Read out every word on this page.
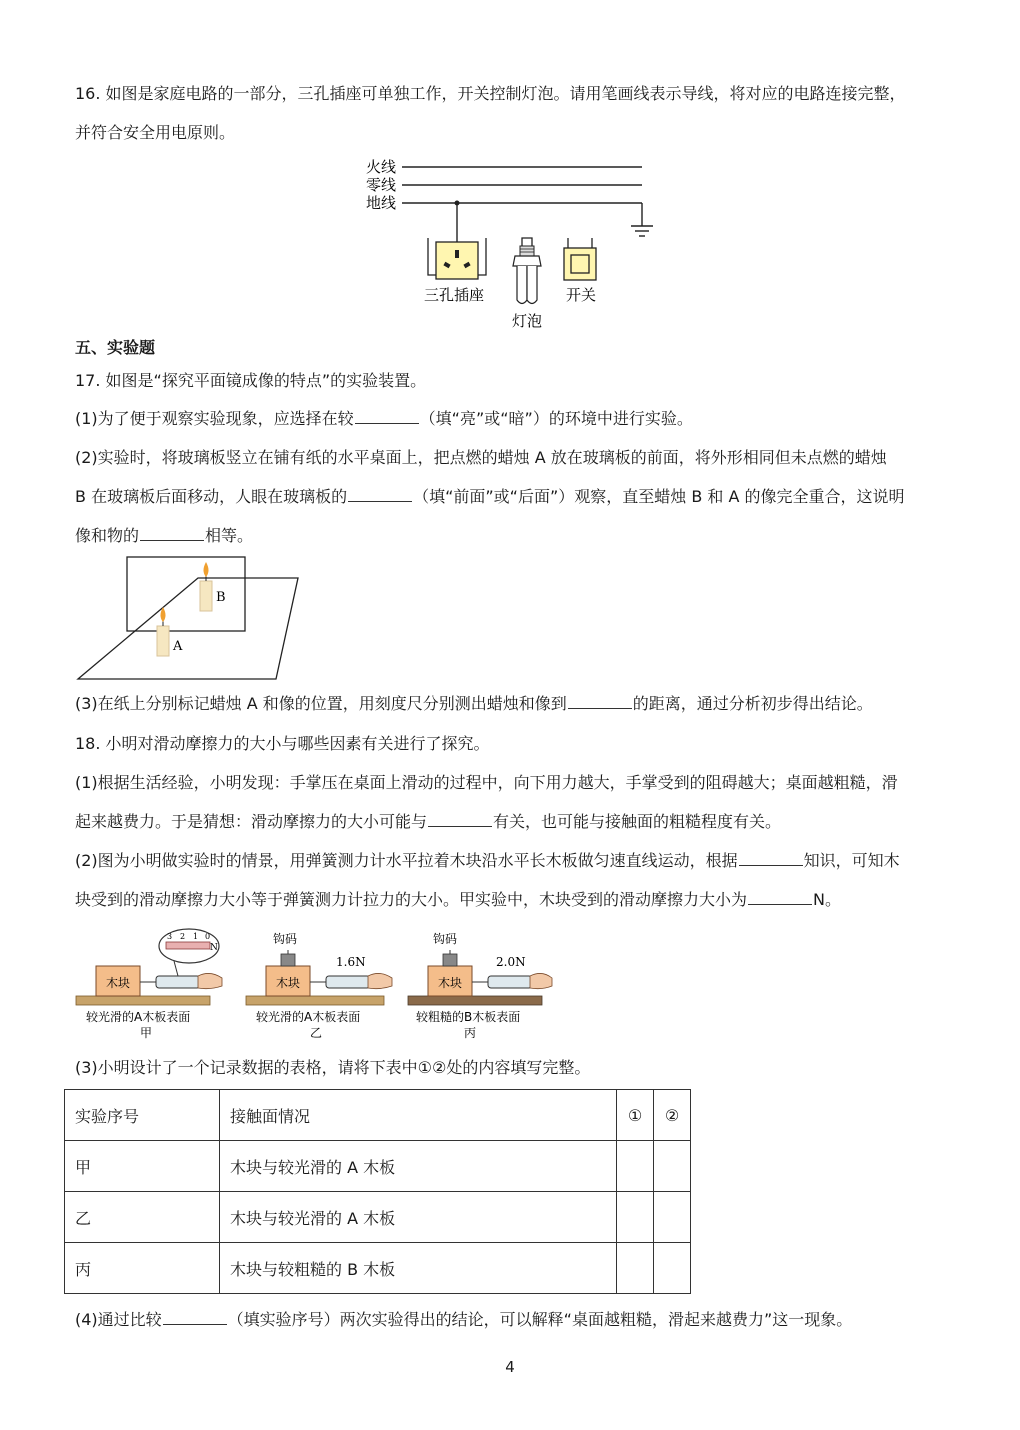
16. 如图是家庭电路的一部分，三孔插座可单独工作，开关控制灯泡。请用笔画线表示导线，将对应的电路连接完整，
并符合安全用电原则。
火线
零线
地线
三孔插座
灯泡
开关
五、实验题
17. 如图是“探究平面镜成像的特点”的实验装置。
(1)为了便于观察实验现象，应选择在较	（填“亮”或“暗”）的环境中进行实验。
(2)实验时，将玻璃板竖立在铺有纸的水平桌面上，把点燃的蜡烛 A 放在玻璃板的前面，将外形相同但未点燃的蜡烛
B 在玻璃板后面移动，人眼在玻璃板的	（填“前面”或“后面”）观察，直至蜡烛 B 和 A 的像完全重合，这说明
像和物的	相等。
B
A
(3)在纸上分别标记蜡烛 A 和像的位置，用刻度尺分别测出蜡烛和像到	的距离，通过分析初步得出结论。
18. 小明对滑动摩擦力的大小与哪些因素有关进行了探究。
(1)根据生活经验，小明发现：手掌压在桌面上滑动的过程中，向下用力越大，手掌受到的阻碍越大；桌面越粗糙，滑
起来越费力。于是猜想：滑动摩擦力的大小可能与	有关，也可能与接触面的粗糙程度有关。
(2)图为小明做实验时的情景，用弹簧测力计水平拉着木块沿水平长木板做匀速直线运动，根据	知识，可知木
块受到的滑动摩擦力大小等于弹簧测力计拉力的大小。甲实验中，木块受到的滑动摩擦力大小为	N。
木块
3 2 1 0
N
较光滑的A木板表面
甲
木块
钩码
1.6N
较光滑的A木板表面
乙
木块
钩码
2.0N
较粗糙的B木板表面
丙
(3)小明设计了一个记录数据的表格，请将下表中①②处的内容填写完整。
实验序号	接触面情况	①	②
甲	木块与较光滑的 A 木板		
乙	木块与较光滑的 A 木板		
丙	木块与较粗糙的 B 木板		
(4)通过比较	（填实验序号）两次实验得出的结论，可以解释“桌面越粗糙，滑起来越费力”这一现象。
4
